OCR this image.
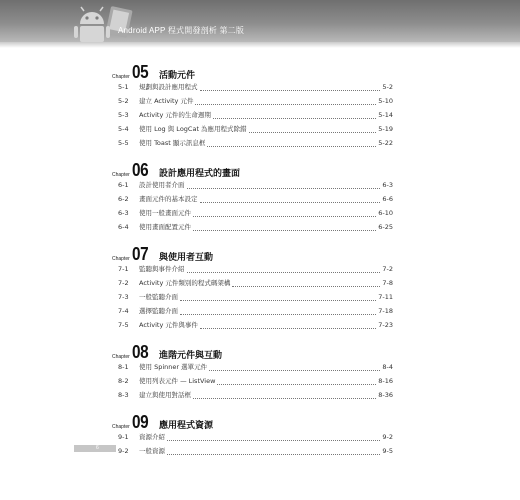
Android APP 程式開發剖析 第二版
Chapter 05 活動元件
5-1	規劃與設計應用程式	5-2
5-2	建立 Activity 元件	5-10
5-3	Activity 元件的生命週期	5-14
5-4	使用 Log 與 LogCat 為應用程式除錯	5-19
5-5	使用 Toast 顯示訊息框	5-22
Chapter 06 設計應用程式的畫面
6-1	設計使用者介面	6-3
6-2	畫面元件的基本設定	6-6
6-3	使用一般畫面元件	6-10
6-4	使用畫面配置元件	6-25
Chapter 07 與使用者互動
7-1	監聽與事件介紹	7-2
7-2	Activity 元件類別的程式碼架構	7-8
7-3	一般監聽介面	7-11
7-4	選擇監聽介面	7-18
7-5	Activity 元件與事件	7-23
Chapter 08 進階元件與互動
8-1	使用 Spinner 選單元件	8-4
8-2	使用列表元件 — ListView	8-16
8-3	建立與使用對話框	8-36
Chapter 09 應用程式資源
9-1	資源介紹	9-2
9-2	一般資源	9-5
6
